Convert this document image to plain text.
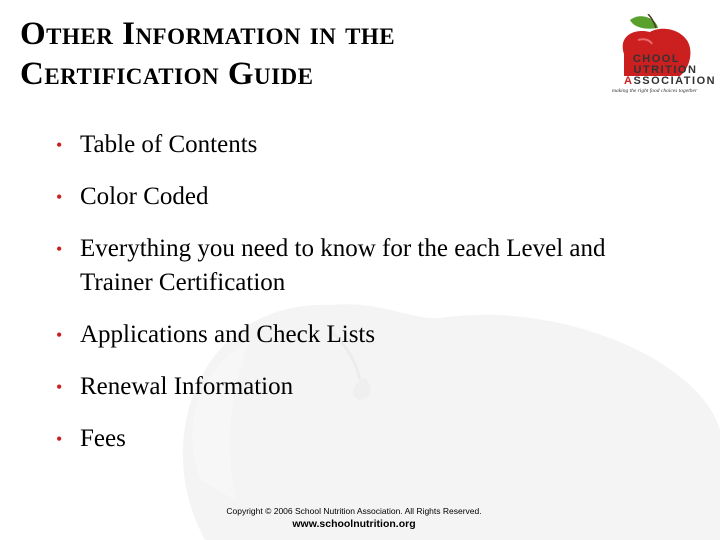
Other Information in the
Certification Guide	SCHOOL
NUTRITION
ASSOCIATION
making the right food choices together
• Table of Contents
• Color Coded
• Everything you need to know for the each Level and Trainer Certification
• Applications and Check Lists
• Renewal Information
• Fees
Copyright © 2006 School Nutrition Association. All Rights Reserved.
www.schoolnutrition.org
